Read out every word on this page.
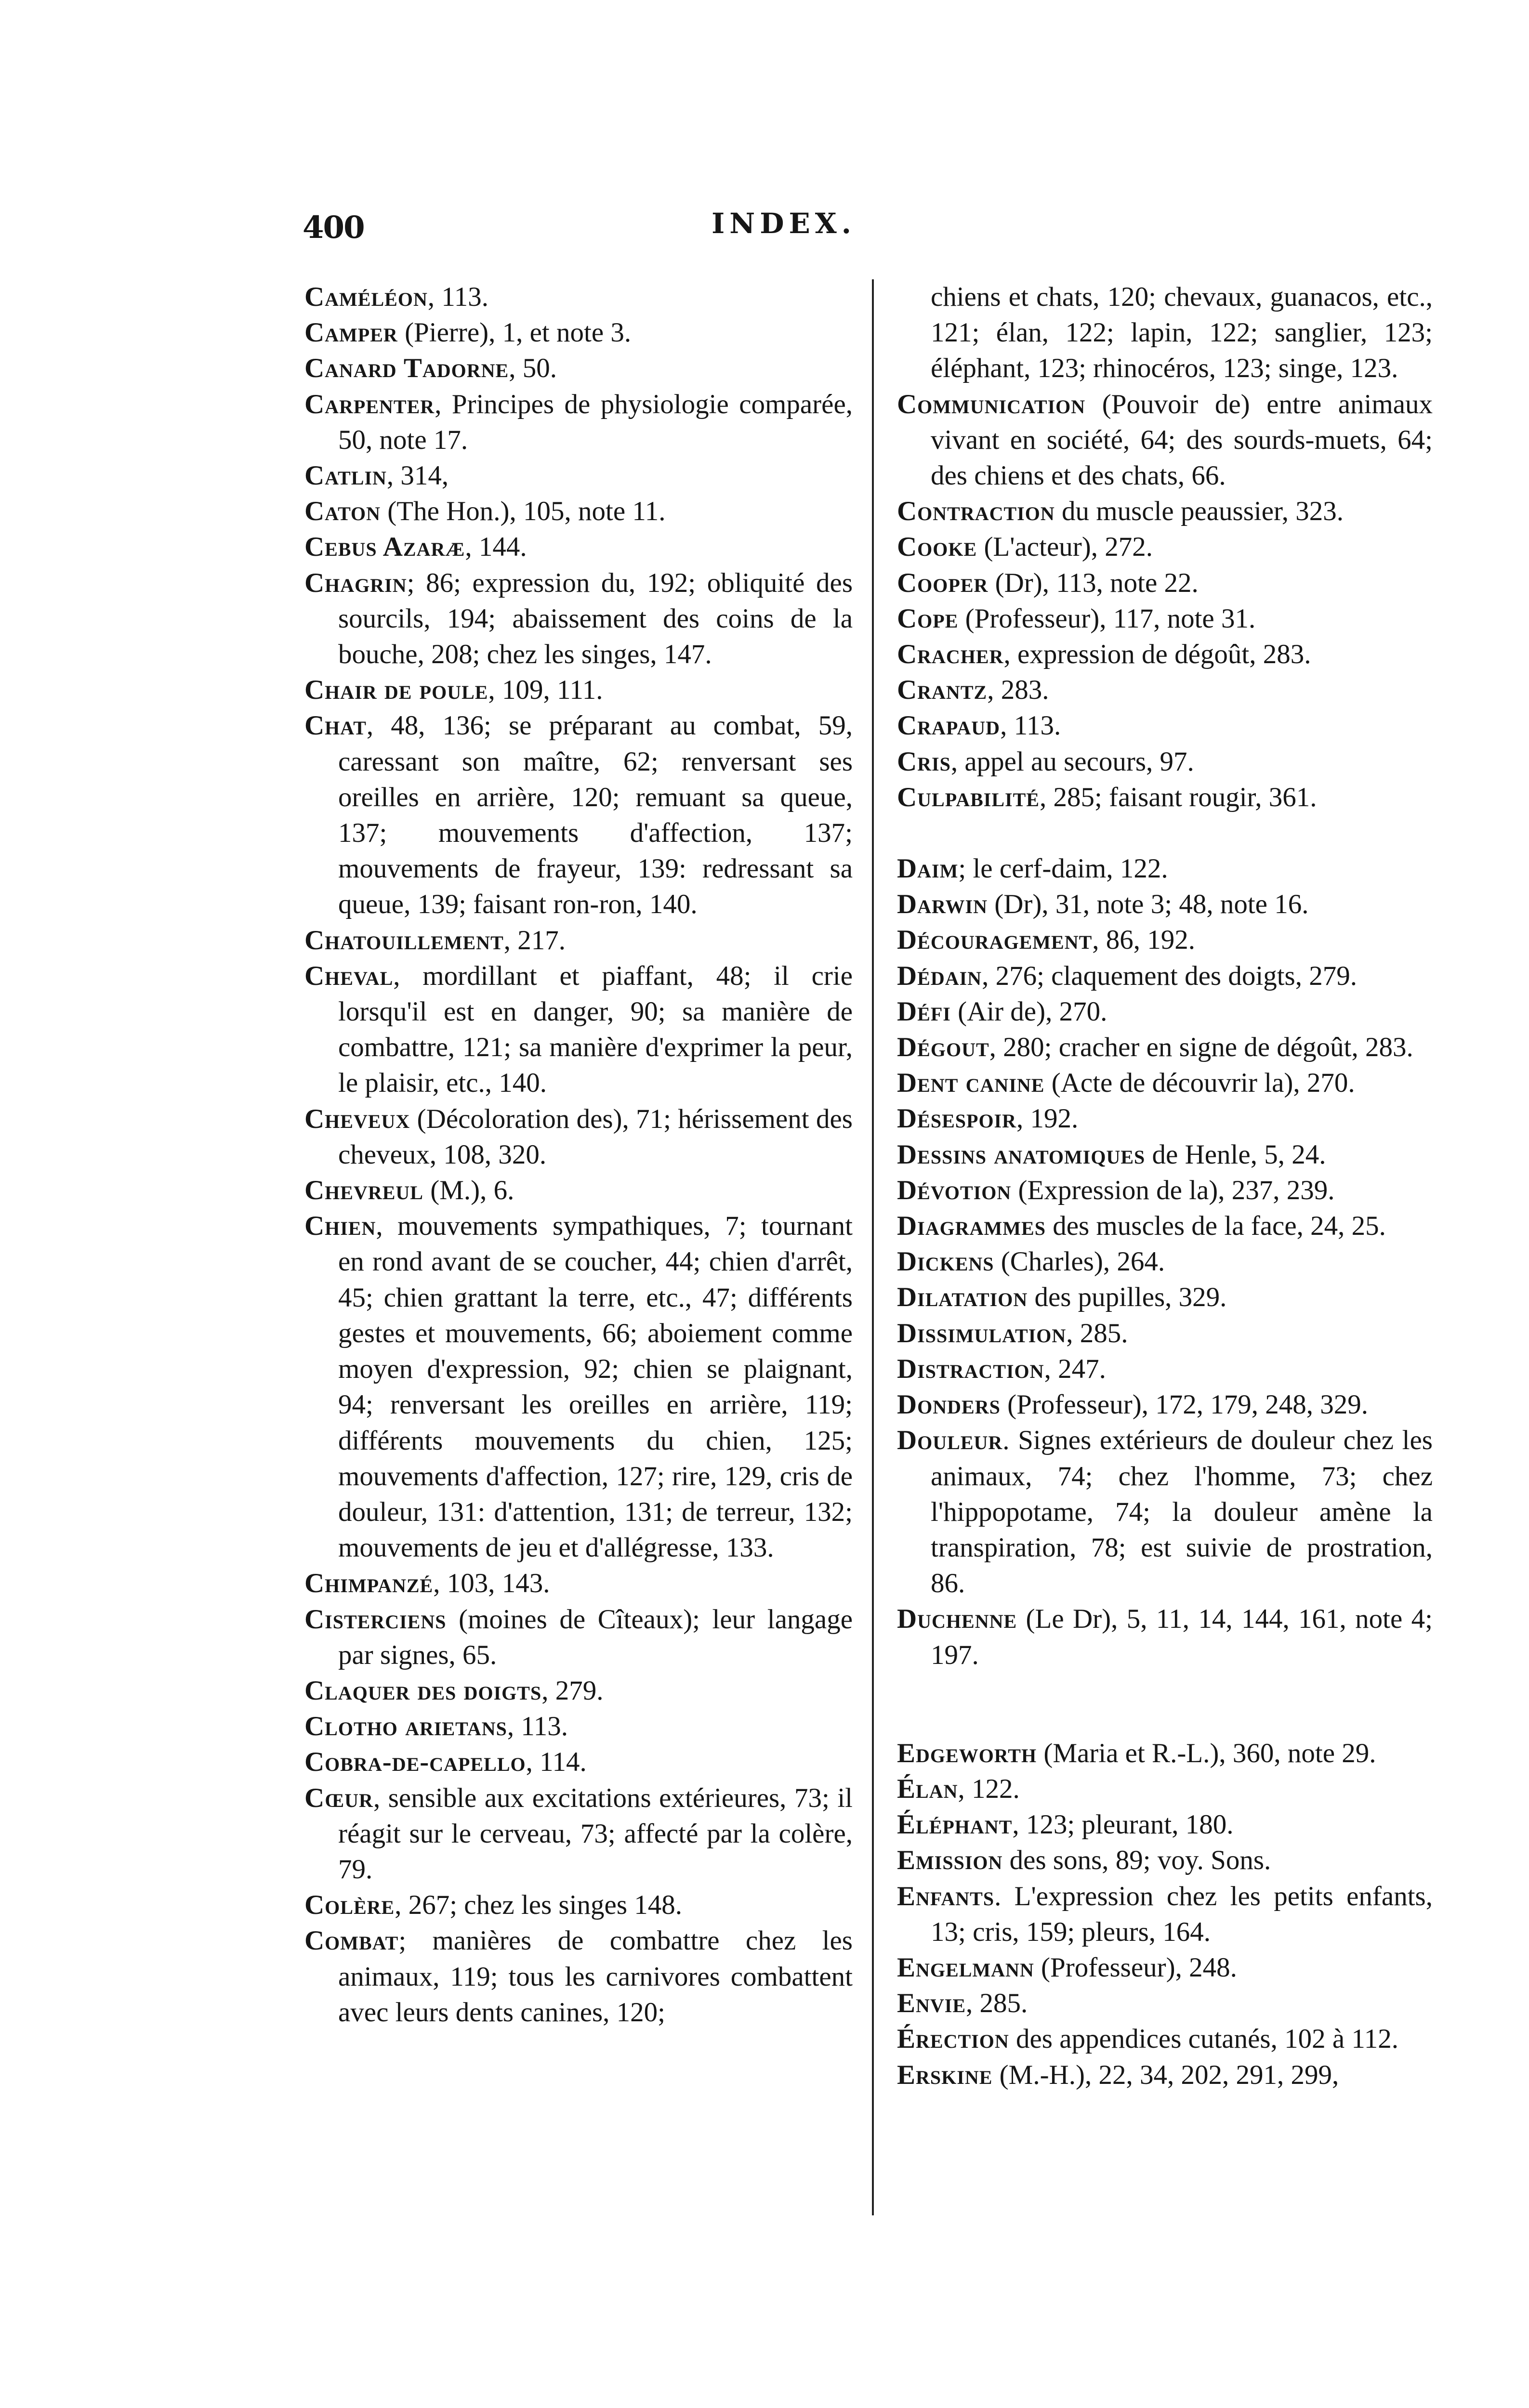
400	INDEX.

Caméléon, 113.

Camper (Pierre), 1, et note 3.

Canard Tadorne, 50.

Carpenter, Principes de physiologie comparée, 50, note 17.

Catlin, 314,

Caton (The Hon.), 105, note 11.

Cebus Azaræ, 144.

Chagrin; 86; expression du, 192; obliquité des sourcils, 194; abaissement des coins de la bouche, 208; chez les singes, 147.

Chair de poule, 109, 111.

Chat, 48, 136; se préparant au combat, 59, caressant son maître, 62; renversant ses oreilles en arrière, 120; remuant sa queue, 137; mouvements d'affection, 137; mouvements de frayeur, 139: redressant sa queue, 139; faisant ron-ron, 140.

Chatouillement, 217.

Cheval, mordillant et piaffant, 48; il crie lorsqu'il est en danger, 90; sa manière de combattre, 121; sa manière d'exprimer la peur, le plaisir, etc., 140.

Cheveux (Décoloration des), 71; hérissement des cheveux, 108, 320.

Chevreul (M.), 6.

Chien, mouvements sympathiques, 7; tournant en rond avant de se coucher, 44; chien d'arrêt, 45; chien grattant la terre, etc., 47; différents gestes et mouvements, 66; aboiement comme moyen d'expression, 92; chien se plaignant, 94; renversant les oreilles en arrière, 119; différents mouvements du chien, 125; mouvements d'affection, 127; rire, 129, cris de douleur, 131: d'attention, 131; de terreur, 132; mouvements de jeu et d'allégresse, 133.

Chimpanzé, 103, 143.

Cisterciens (moines de Cîteaux); leur langage par signes, 65.

Claquer des doigts, 279.

Clotho arietans, 113.

Cobra-de-capello, 114.

Cœur, sensible aux excitations extérieures, 73; il réagit sur le cerveau, 73; affecté par la colère, 79.

Colère, 267; chez les singes 148.

Combat; manières de combattre chez les animaux, 119; tous les carnivores combattent avec leurs dents canines, 120;

chiens et chats, 120; chevaux, guanacos, etc., 121; élan, 122; lapin, 122; sanglier, 123; éléphant, 123; rhinocéros, 123; singe, 123.

Communication (Pouvoir de) entre animaux vivant en société, 64; des sourds-muets, 64; des chiens et des chats, 66.

Contraction du muscle peaussier, 323.

Cooke (L'acteur), 272.

Cooper (Dr), 113, note 22.

Cope (Professeur), 117, note 31.

Cracher, expression de dégoût, 283.

Crantz, 283.

Crapaud, 113.

Cris, appel au secours, 97.

Culpabilité, 285; faisant rougir, 361.

Daim; le cerf-daim, 122.

Darwin (Dr), 31, note 3; 48, note 16.

Découragement, 86, 192.

Dédain, 276; claquement des doigts, 279.

Défi (Air de), 270.

Dégout, 280; cracher en signe de dégoût, 283.

Dent canine (Acte de découvrir la), 270.

Désespoir, 192.

Dessins anatomiques de Henle, 5, 24.

Dévotion (Expression de la), 237, 239.

Diagrammes des muscles de la face, 24, 25.

Dickens (Charles), 264.

Dilatation des pupilles, 329.

Dissimulation, 285.

Distraction, 247.

Donders (Professeur), 172, 179, 248, 329.

Douleur. Signes extérieurs de douleur chez les animaux, 74; chez l'homme, 73; chez l'hippopotame, 74; la douleur amène la transpiration, 78; est suivie de prostration, 86.

Duchenne (Le Dr), 5, 11, 14, 144, 161, note 4; 197.

Edgeworth (Maria et R.-L.), 360, note 29.

Élan, 122.

Éléphant, 123; pleurant, 180.

Emission des sons, 89; voy. Sons.

Enfants. L'expression chez les petits enfants, 13; cris, 159; pleurs, 164.

Engelmann (Professeur), 248.

Envie, 285.

Érection des appendices cutanés, 102 à 112.

Erskine (M.-H.), 22, 34, 202, 291, 299,
